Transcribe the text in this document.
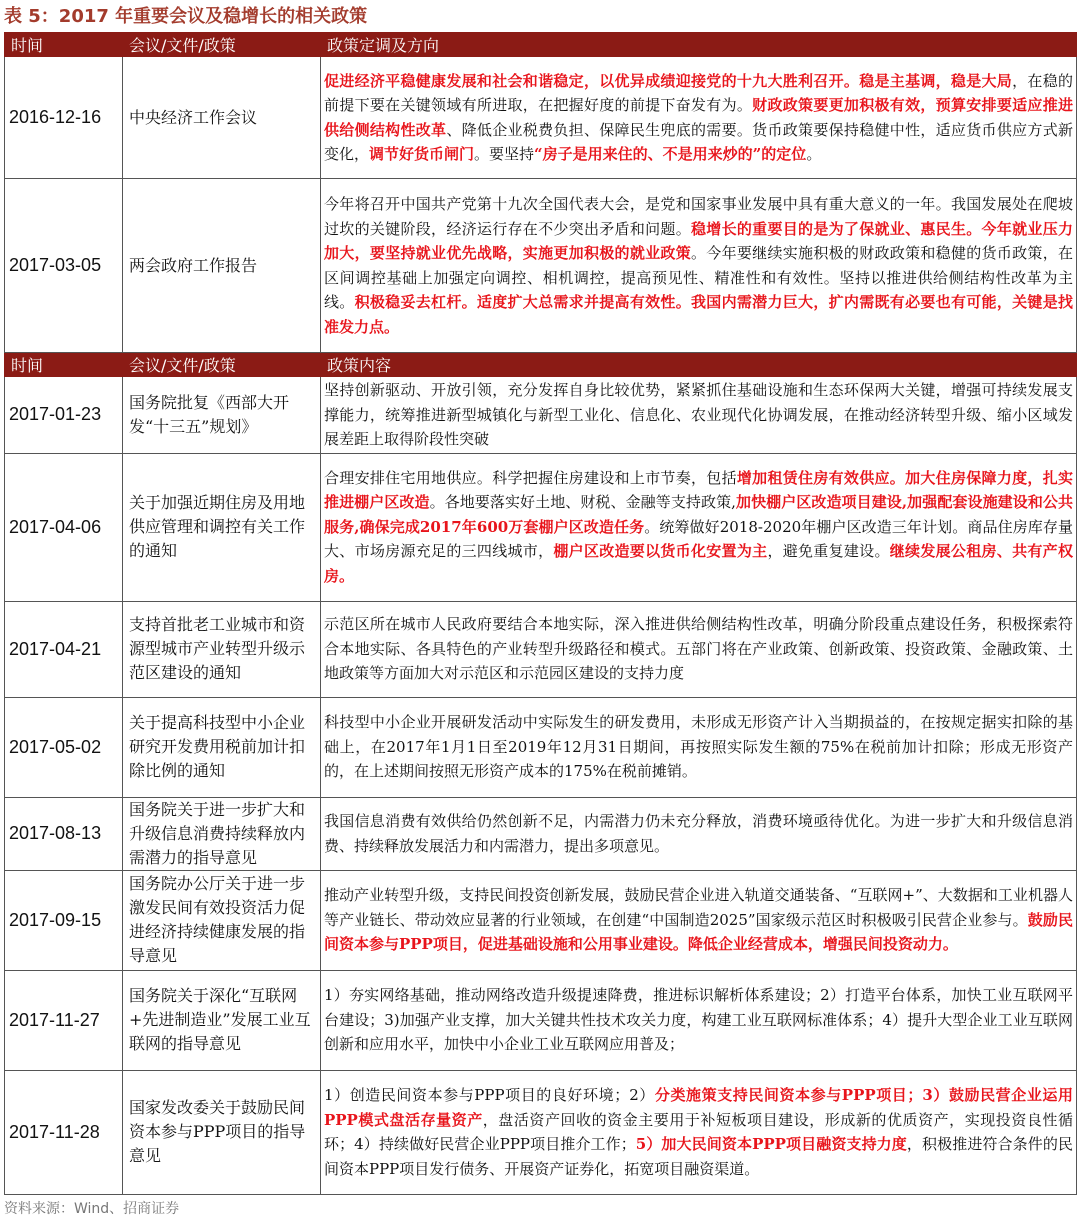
表 5：2017 年重要会议及稳增长的相关政策
时间	会议/文件/政策	政策定调及方向
2016-12-16	中央经济工作会议	促进经济平稳健康发展和社会和谐稳定，以优异成绩迎接党的十九大胜利召开。稳是主基调，稳是大局，在稳的前提下要在关键领域有所进取，在把握好度的前提下奋发有为。财政政策要更加积极有效，预算安排要适应推进供给侧结构性改革、降低企业税费负担、保障民生兜底的需要。货币政策要保持稳健中性，适应货币供应方式新变化，调节好货币闸门。要坚持“房子是用来住的、不是用来炒的”的定位。
2017-03-05	两会政府工作报告	今年将召开中国共产党第十九次全国代表大会，是党和国家事业发展中具有重大意义的一年。我国发展处在爬坡过坎的关键阶段，经济运行存在不少突出矛盾和问题。稳增长的重要目的是为了保就业、惠民生。今年就业压力加大，要坚持就业优先战略，实施更加积极的就业政策。今年要继续实施积极的财政政策和稳健的货币政策，在区间调控基础上加强定向调控、相机调控，提高预见性、精准性和有效性。坚持以推进供给侧结构性改革为主线。积极稳妥去杠杆。适度扩大总需求并提高有效性。我国内需潜力巨大，扩内需既有必要也有可能，关键是找准发力点。
时间	会议/文件/政策	政策内容
2017-01-23	国务院批复《西部大开发“十三五”规划》	坚持创新驱动、开放引领，充分发挥自身比较优势，紧紧抓住基础设施和生态环保两大关键，增强可持续发展支撑能力，统筹推进新型城镇化与新型工业化、信息化、农业现代化协调发展，在推动经济转型升级、缩小区域发展差距上取得阶段性突破
2017-04-06	关于加强近期住房及用地供应管理和调控有关工作的通知	合理安排住宅用地供应。科学把握住房建设和上市节奏，包括增加租赁住房有效供应。加大住房保障力度，扎实推进棚户区改造。各地要落实好土地、财税、金融等支持政策,加快棚户区改造项目建设,加强配套设施建设和公共服务,确保完成2017年600万套棚户区改造任务。统筹做好2018-2020年棚户区改造三年计划。商品住房库存量大、市场房源充足的三四线城市，棚户区改造要以货币化安置为主，避免重复建设。继续发展公租房、共有产权房。
2017-04-21	支持首批老工业城市和资源型城市产业转型升级示范区建设的通知	示范区所在城市人民政府要结合本地实际，深入推进供给侧结构性改革，明确分阶段重点建设任务，积极探索符合本地实际、各具特色的产业转型升级路径和模式。五部门将在产业政策、创新政策、投资政策、金融政策、土地政策等方面加大对示范区和示范园区建设的支持力度
2017-05-02	关于提高科技型中小企业研究开发费用税前加计扣除比例的通知	科技型中小企业开展研发活动中实际发生的研发费用，未形成无形资产计入当期损益的，在按规定据实扣除的基础上，在2017年1月1日至2019年12月31日期间，再按照实际发生额的75%在税前加计扣除；形成无形资产的，在上述期间按照无形资产成本的175%在税前摊销。
2017-08-13	国务院关于进一步扩大和升级信息消费持续释放内需潜力的指导意见	我国信息消费有效供给仍然创新不足，内需潜力仍未充分释放，消费环境亟待优化。为进一步扩大和升级信息消费、持续释放发展活力和内需潜力，提出多项意见。
2017-09-15	国务院办公厅关于进一步激发民间有效投资活力促进经济持续健康发展的指导意见	推动产业转型升级，支持民间投资创新发展，鼓励民营企业进入轨道交通装备、“互联网+”、大数据和工业机器人等产业链长、带动效应显著的行业领域，在创建“中国制造2025”国家级示范区时积极吸引民营企业参与。鼓励民间资本参与PPP项目，促进基础设施和公用事业建设。降低企业经营成本，增强民间投资动力。
2017-11-27	国务院关于深化“互联网+先进制造业”发展工业互联网的指导意见	1）夯实网络基础，推动网络改造升级提速降费，推进标识解析体系建设；2）打造平台体系，加快工业互联网平台建设；3)加强产业支撑，加大关键共性技术攻关力度，构建工业互联网标准体系；4）提升大型企业工业互联网创新和应用水平，加快中小企业工业互联网应用普及；
2017-11-28	国家发改委关于鼓励民间资本参与PPP项目的指导意见	1）创造民间资本参与PPP项目的良好环境；2）分类施策支持民间资本参与PPP项目；3）鼓励民营企业运用PPP模式盘活存量资产，盘活资产回收的资金主要用于补短板项目建设，形成新的优质资产，实现投资良性循环；4）持续做好民营企业PPP项目推介工作；5）加大民间资本PPP项目融资支持力度，积极推进符合条件的民间资本PPP项目发行债务、开展资产证券化，拓宽项目融资渠道。
资料来源：Wind、招商证券
